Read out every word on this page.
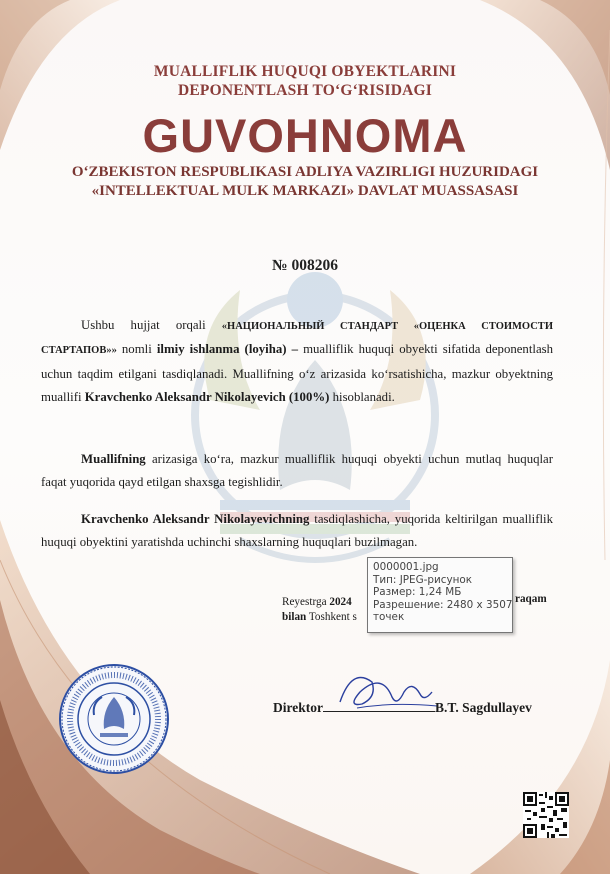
MUALLIFLIK HUQUQI OBYEKTLARINI
DEPONENTLASH TO‘G‘RISIDAGI
GUVOHNOMA
O‘ZBEKISTON RESPUBLIKASI ADLIYA VAZIRLIGI HUZURIDAGI
«INTELLEKTUAL MULK MARKAZI» DAVLAT MUASSASASI
№ 008206
Ushbu hujjat orqali «НАЦИОНАЛЬНЫЙ СТАНДАРТ «ОЦЕНКА СТОИМОСТИ СТАРТАПОВ»» nomli ilmiy ishlanma (loyiha) – mualliflik huquqi obyekti sifatida deponentlash uchun taqdim etilgani tasdiqlanadi. Muallifning o‘z arizasida ko‘rsatishicha, mazkur obyektning muallifi Kravchenko Aleksandr Nikolayevich (100%) hisoblanadi.
Muallifning arizasiga ko‘ra, mazkur mualliflik huquqi obyekti uchun mutlaq huquqlar faqat yuqorida qayd etilgan shaxsga tegishlidir.
Kravchenko Aleksandr Nikolayevichning tasdiqlashicha, yuqorida keltirilgan mualliflik huquqi obyektini yaratishda uchinchi shaxslarning huquqlari buzilmagan.
Reyestrga 2024	raqam
bilan Toshkent s
Direktor	B.T. Sagdullayev
0000001.jpg
Тип: JPEG-рисунок
Размер: 1,24 МБ
Разрешение: 2480 x 3507
точек
